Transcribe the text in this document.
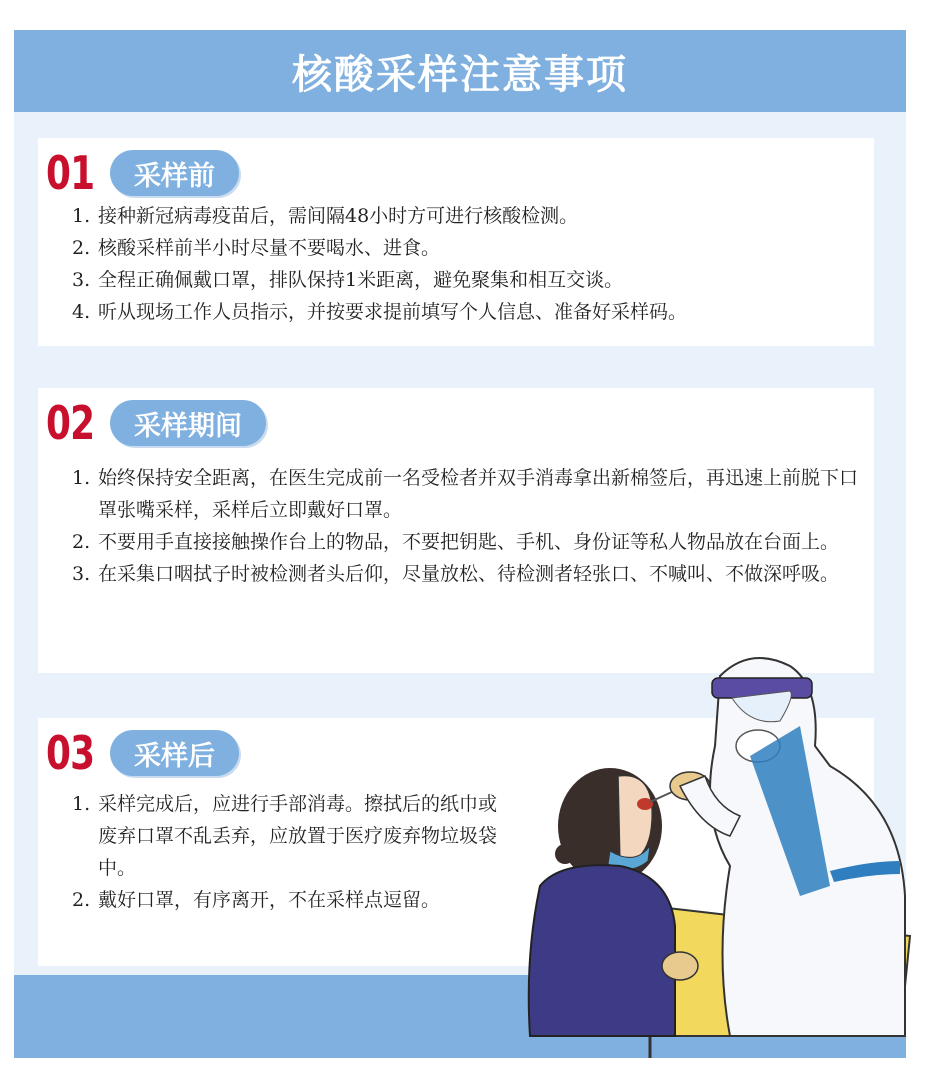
核酸采样注意事项
01	采样前
1. 接种新冠病毒疫苗后，需间隔48小时方可进行核酸检测。
2. 核酸采样前半小时尽量不要喝水、进食。
3. 全程正确佩戴口罩，排队保持1米距离，避免聚集和相互交谈。
4. 听从现场工作人员指示，并按要求提前填写个人信息、准备好采样码。
02	采样期间
1. 始终保持安全距离，在医生完成前一名受检者并双手消毒拿出新棉签后，再迅速上前脱下口罩张嘴采样，采样后立即戴好口罩。
2. 不要用手直接接触操作台上的物品，不要把钥匙、手机、身份证等私人物品放在台面上。
3. 在采集口咽拭子时被检测者头后仰，尽量放松、待检测者轻张口、不喊叫、不做深呼吸。
03	采样后
1. 采样完成后，应进行手部消毒。擦拭后的纸巾或废弃口罩不乱丢弃，应放置于医疗废弃物垃圾袋中。
2. 戴好口罩，有序离开，不在采样点逗留。
